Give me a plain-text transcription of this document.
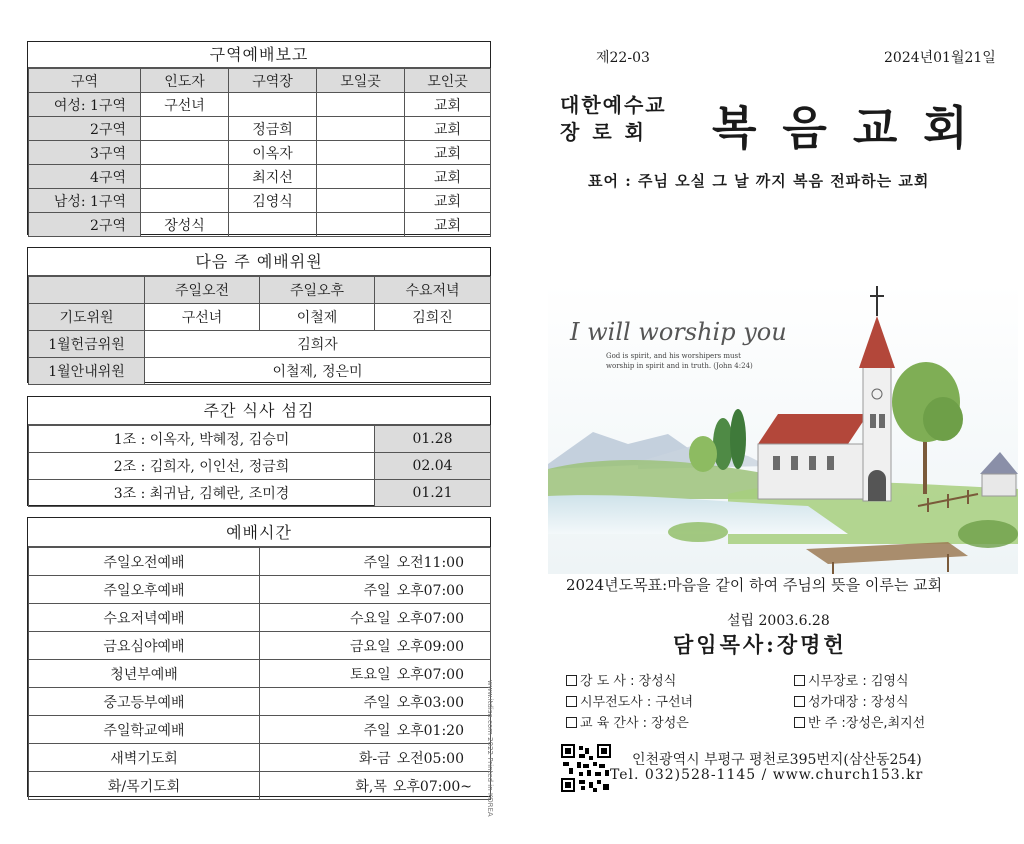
구역예배보고
구역	인도자	구역장	모일곳	모인곳
여성: 1구역	구선녀			교회
2구역		정금희		교회
3구역		이옥자		교회
4구역		최지선		교회
남성: 1구역		김영식		교회
2구역	장성식			교회
다음 주 예배위원
	주일오전	주일오후	수요저녁
기도위원	구선녀	이철제	김희진
1월헌금위원	김희자		
1월안내위원	이철제, 정은미		
주간 식사 섬김
1조 : 이옥자, 박혜정, 김승미	01.28
2조 : 김희자, 이인선, 정금희	02.04
3조 : 최귀남, 김혜란, 조미경	01.21
예배시간
주일오전예배	주일 오전11:00
주일오후예배	주일 오후07:00
수요저녁예배	수요일 오후07:00
금요심야예배	금요일 오후09:00
청년부예배	토요일 오후07:00
중고등부예배	주일 오후03:00
주일학교예배	주일 오후01:20
새벽기도회	화-금 오전05:00
화/목기도회	화,목 오후07:00~ www.itdisa.com 2022 Printed in KOREA
제22-03	2024년01월21일
대한예수교
장로회 복음교회
표어 : 주님 오실 그 날 까지 복음 전파하는 교회
I will worship you
God is spirit, and his worshipers must
worship in spirit and in truth. (John 4:24)
2024년도목표:마음을 같이 하여 주님의 뜻을 이루는 교회
설립 2003.6.28
담임목사:장명헌
강 도 사 : 장성식	시무장로 : 김영식
시무전도사 : 구선녀	성가대장 : 장성식
교 육 간사 : 장성은	반 주 :장성은,최지선
인천광역시 부평구 평천로395번지(삼산동254)
Tel. 032)528-1145 / www.church153.kr
